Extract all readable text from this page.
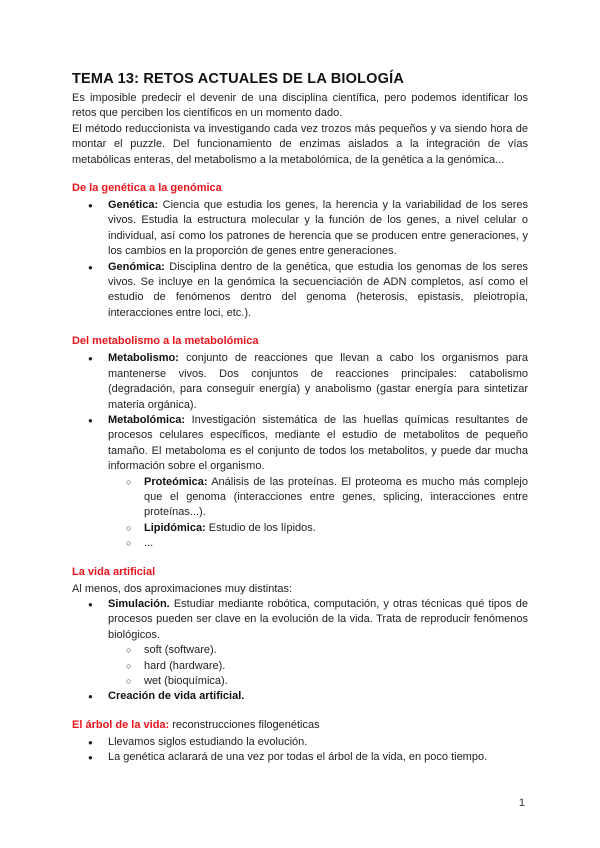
TEMA 13: RETOS ACTUALES DE LA BIOLOGÍA

Es imposible predecir el devenir de una disciplina científica, pero podemos identificar los retos que perciben los científicos en un momento dado.

El método reduccionista va investigando cada vez trozos más pequeños y va siendo hora de montar el puzzle. Del funcionamiento de enzimas aislados a la integración de vías metabólicas enteras, del metabolismo a la metabolómica, de la genética a la genómica...

De la genética a la genómica
● Genética: Ciencia que estudia los genes, la herencia y la variabilidad de los seres vivos. Estudia la estructura molecular y la función de los genes, a nivel celular o individual, así como los patrones de herencia que se producen entre generaciones, y los cambios en la proporción de genes entre generaciones.
● Genómica: Disciplina dentro de la genética, que estudia los genomas de los seres vivos. Se incluye en la genómica la secuenciación de ADN completos, así como el estudio de fenómenos dentro del genoma (heterosis, epistasis, pleiotropía, interacciones entre loci, etc.).
Del metabolismo a la metabolómica
● Metabolismo: conjunto de reacciones que llevan a cabo los organismos para mantenerse vivos. Dos conjuntos de reacciones principales: catabolismo (degradación, para conseguir energía) y anabolismo (gastar energía para sintetizar materia orgánica).
● Metabolómica: Investigación sistemática de las huellas químicas resultantes de procesos celulares específicos, mediante el estudio de metabolitos de pequeño tamaño. El metaboloma es el conjunto de todos los metabolitos, y puede dar mucha información sobre el organismo.
○ Proteómica: Análisis de las proteínas. El proteoma es mucho más complejo que el genoma (interacciones entre genes, splicing, interacciones entre proteínas...).
○ Lipidómica: Estudio de los lípidos.
○ ...
La vida artificial

Al menos, dos aproximaciones muy distintas:

● Simulación. Estudiar mediante robótica, computación, y otras técnicas qué tipos de procesos pueden ser clave en la evolución de la vida. Trata de reproducir fenómenos biológicos.
○ soft (software).
○ hard (hardware).
○ wet (bioquímica).
● Creación de vida artificial.
El árbol de la vida: reconstrucciones filogenéticas
● Llevamos siglos estudiando la evolución.
● La genética aclarará de una vez por todas el árbol de la vida, en poco tiempo.
1
